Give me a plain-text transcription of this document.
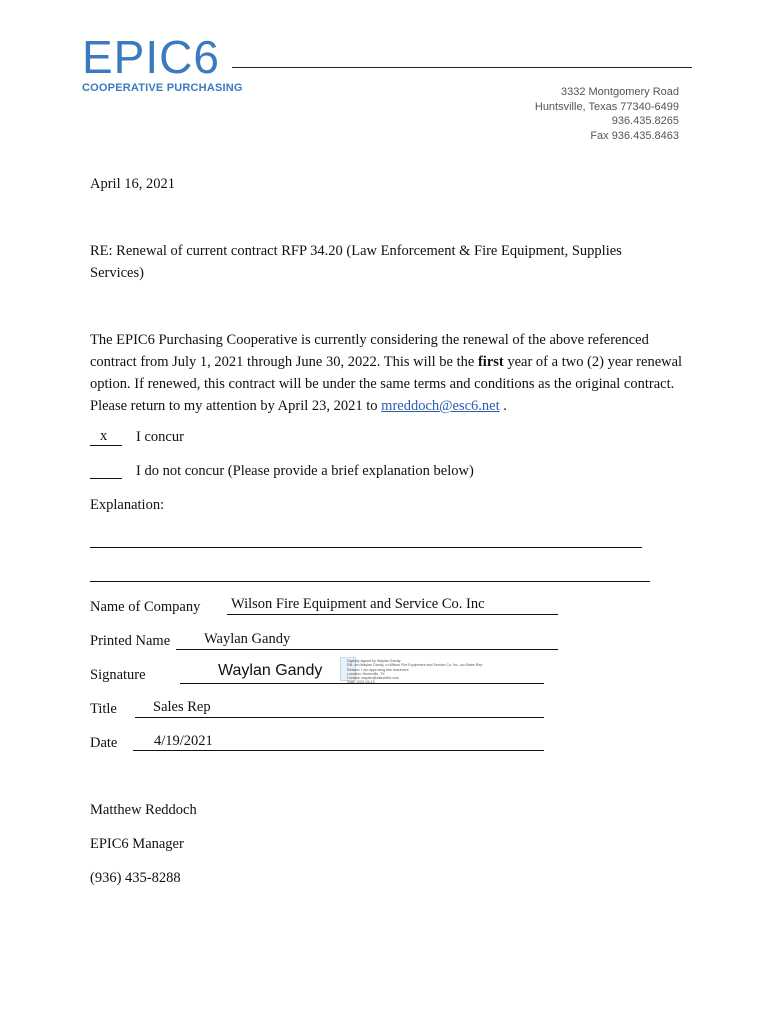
EPIC6
COOPERATIVE PURCHASING	3332 Montgomery Road
Huntsville, Texas 77340-6499
936.435.8265
Fax 936.435.8463
April 16, 2021
RE: Renewal of current contract RFP 34.20 (Law Enforcement & Fire Equipment, Supplies
Services)
The EPIC6 Purchasing Cooperative is currently considering the renewal of the above referenced contract from July 1, 2021 through June 30, 2022. This will be the first year of a two (2) year renewal option. If renewed, this contract will be under the same terms and conditions as the original contract. Please return to my attention by April 23, 2021 to mreddoch@esc6.net .
x I concur
I do not concur (Please provide a brief explanation below)
Explanation:
Name of Company Wilson Fire Equipment and Service Co. Inc
Printed Name Waylan Gandy
Signature	Waylan Gandy
Digitally signed by Waylan Gandy
DN: cn=Waylan Gandy, o=Wilson Fire Equipment and Service Co. Inc, ou=Sales Rep
Reason: I am approving this document
Location: Huntsville, TX
Contact: waylan@wilsonfire.com
Title Sales Rep
Date	4/19/2021
Matthew Reddoch
EPIC6 Manager
(936) 435-8288
